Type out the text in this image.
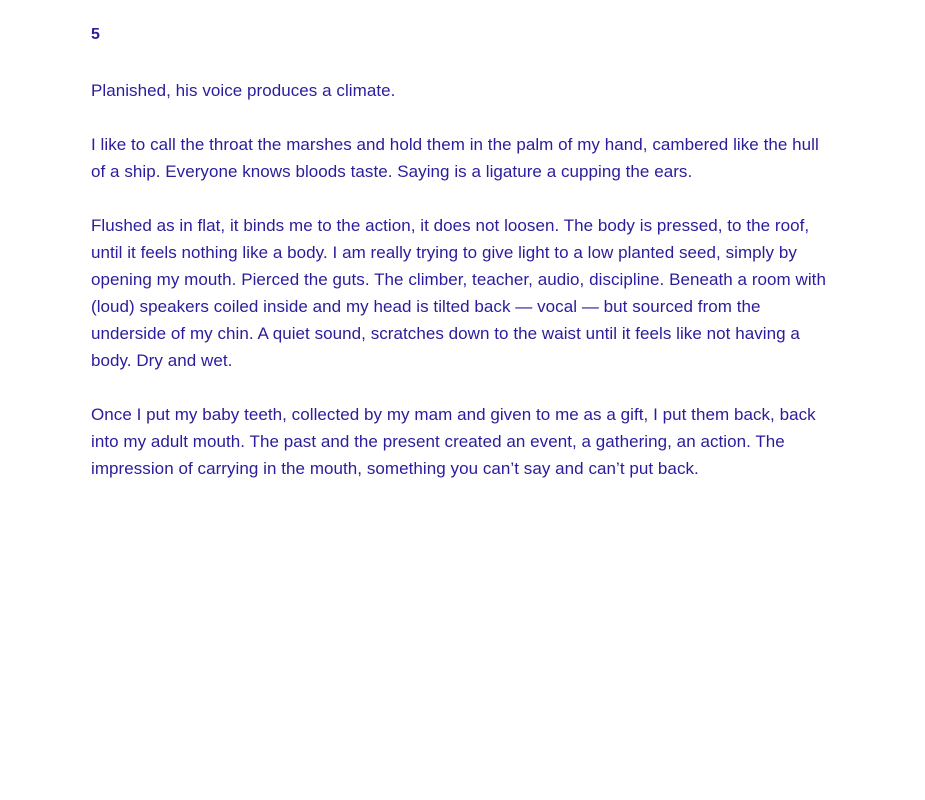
5

Planished, his voice produces a climate.

I like to call the throat the marshes and hold them in the palm of my hand, cambered like the hull of a ship. Everyone knows bloods taste. Saying is a ligature a cupping the ears.

Flushed as in flat, it binds me to the action, it does not loosen. The body is pressed, to the roof, until it feels nothing like a body. I am really trying to give light to a low planted seed, simply by opening my mouth. Pierced the guts. The climber, teacher, audio, discipline. Beneath a room with (loud) speakers coiled inside and my head is tilted back — vocal — but sourced from the underside of my chin. A quiet sound, scratches down to the waist until it feels like not having a body. Dry and wet.

Once I put my baby teeth, collected by my mam and given to me as a gift, I put them back, back into my adult mouth. The past and the present created an event, a gathering, an action. The impression of carrying in the mouth, something you can’t say and can’t put back.
